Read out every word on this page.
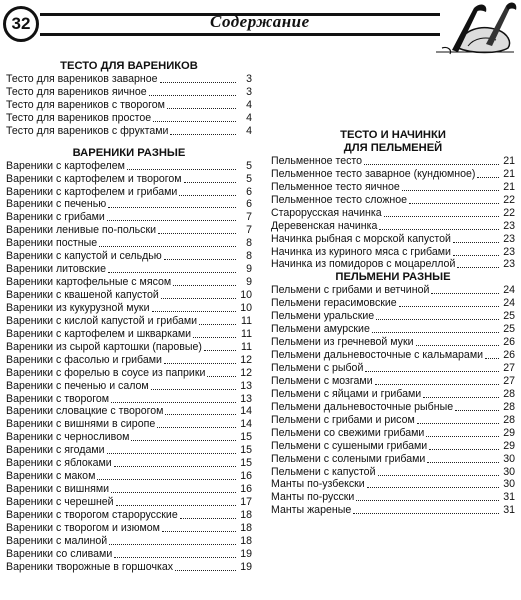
32	Содержание
ТЕСТО ДЛЯ ВАРЕНИКОВ
Тесто для вареников заварное	3
Тесто для вареников яичное	3
Тесто для вареников с творогом	4
Тесто для вареников простое	4
Тесто для вареников с фруктами	4
ВАРЕНИКИ РАЗНЫЕ
Вареники с картофелем	5
Вареники с картофелем и творогом	5
Вареники с картофелем и грибами	6
Вареники с печенью	6
Вареники с грибами	7
Вареники ленивые по-польски	7
Вареники постные	8
Вареники с капустой и сельдью	8
Вареники литовские	9
Вареники картофельные с мясом	9
Вареники с квашеной капустой	10
Вареники из кукурузной муки	10
Вареники с кислой капустой и грибами	11
Вареники с картофелем и шкварками	11
Вареники из сырой картошки (паровые)	11
Вареники с фасолью и грибами	12
Вареники с форелью в соусе из паприки	12
Вареники с печенью и салом	13
Вареники с творогом	13
Вареники словацкие с творогом	14
Вареники с вишнями в сиропе	14
Вареники с черносливом	15
Вареники с ягодами	15
Вареники с яблоками	15
Вареники с маком	16
Вареники с вишнями	16
Вареники с черешней	17
Вареники с творогом старорусские	18
Вареники с творогом и изюмом	18
Вареники с малиной	18
Вареники со сливами	19
Вареники творожные в горшочках	19
ТЕСТО И НАЧИНКИ
ДЛЯ ПЕЛЬМЕНЕЙ
Пельменное тесто	21
Пельменное тесто заварное (кундюмное)	21
Пельменное тесто яичное	21
Пельменное тесто сложное	22
Старорусская начинка	22
Деревенская начинка	23
Начинка рыбная с морской капустой	23
Начинка из куриного мяса с грибами	23
Начинка из помидоров с моцареллой	23
ПЕЛЬМЕНИ РАЗНЫЕ
Пельмени с грибами и ветчиной	24
Пельмени герасимовские	24
Пельмени уральские	25
Пельмени амурские	25
Пельмени из гречневой муки	26
Пельмени дальневосточные с кальмарами 26
Пельмени с рыбой	27
Пельмени с мозгами	27
Пельмени с яйцами и грибами	28
Пельмени дальневосточные рыбные	28
Пельмени с грибами и рисом	28
Пельмени со свежими грибами	29
Пельмени с сушеными грибами	29
Пельмени с солеными грибами	30
Пельмени с капустой	30
Манты по-узбекски	30
Манты по-русски	31
Манты жареные	31
